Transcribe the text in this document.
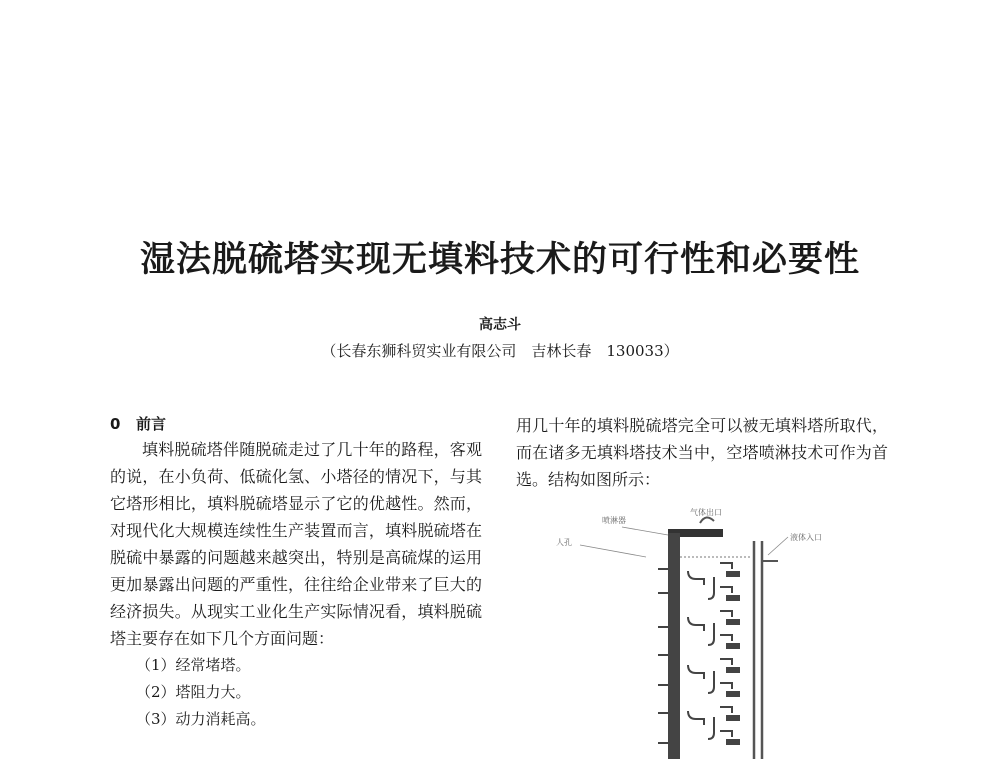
湿法脱硫塔实现无填料技术的可行性和必要性
高志斗
（长春东狮科贸实业有限公司　吉林长春　130033）
0 前言

填料脱硫塔伴随脱硫走过了几十年的路程，客观的说，在小负荷、低硫化氢、小塔径的情况下，与其它塔形相比，填料脱硫塔显示了它的优越性。然而，对现代化大规模连续性生产装置而言，填料脱硫塔在脱硫中暴露的问题越来越突出，特别是高硫煤的运用更加暴露出问题的严重性，往往给企业带来了巨大的经济损失。从现实工业化生产实际情况看，填料脱硫塔主要存在如下几个方面问题：

（1）经常堵塔。
（2）塔阻力大。
（3）动力消耗高。

用几十年的填料脱硫塔完全可以被无填料塔所取代，而在诸多无填料塔技术当中，空塔喷淋技术可作为首选。结构如图所示：

喷淋器
气体出口
人孔
液体入口
